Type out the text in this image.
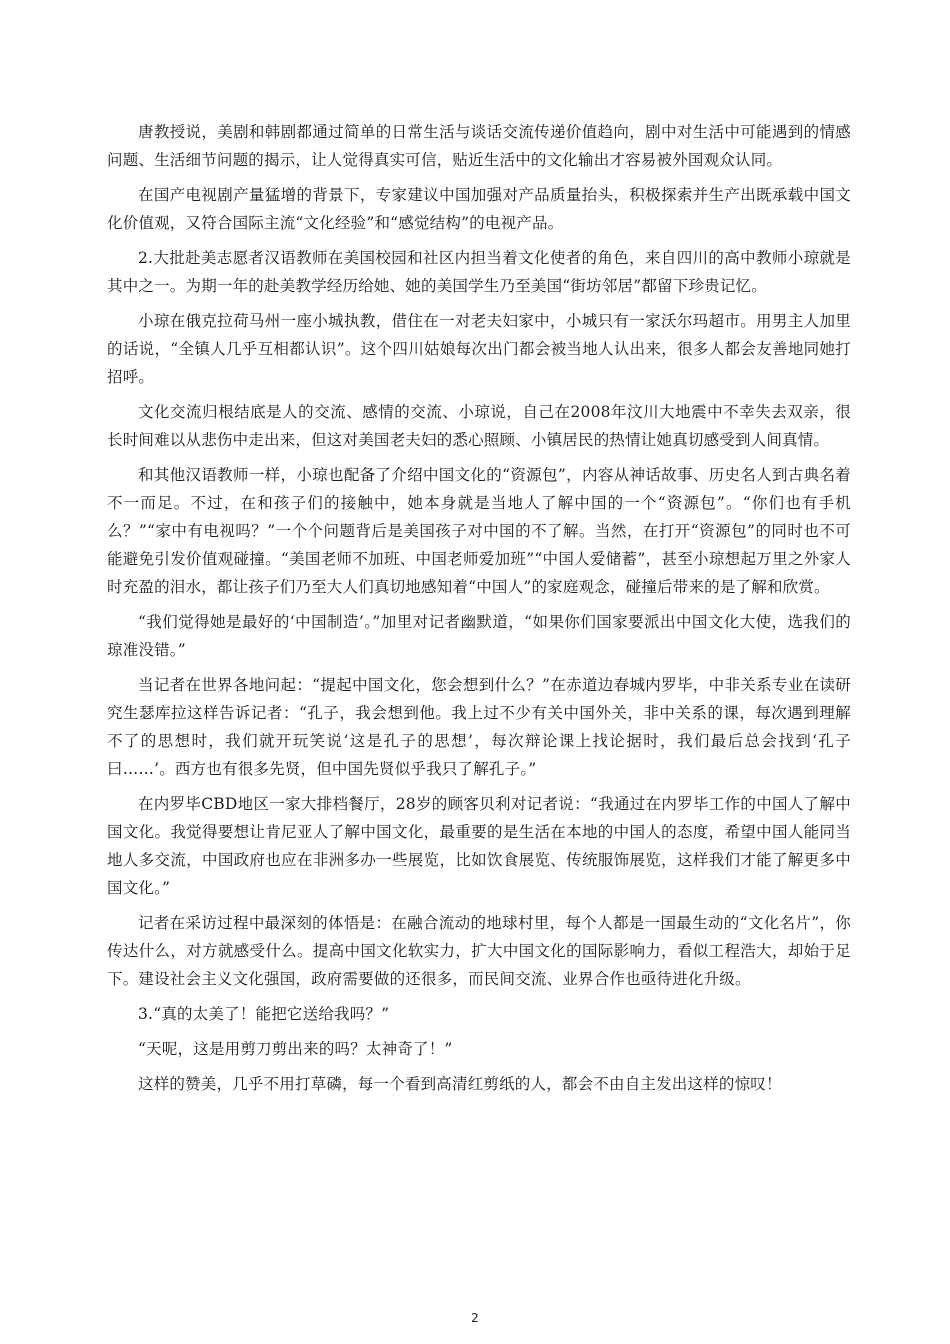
唐教授说，美剧和韩剧都通过简单的日常生活与谈话交流传递价值趋向，剧中对生活中可能遇到的情感问题、生活细节问题的揭示，让人觉得真实可信，贴近生活中的文化输出才容易被外国观众认同。

在国产电视剧产量猛增的背景下，专家建议中国加强对产品质量抬头，积极探索并生产出既承载中国文化价值观，又符合国际主流“文化经验”和“感觉结构”的电视产品。

2.大批赴美志愿者汉语教师在美国校园和社区内担当着文化使者的角色，来自四川的高中教师小琼就是其中之一。为期一年的赴美教学经历给她、她的美国学生乃至美国“街坊邻居”都留下珍贵记忆。

小琼在俄克拉荷马州一座小城执教，借住在一对老夫妇家中，小城只有一家沃尔玛超市。用男主人加里的话说，“全镇人几乎互相都认识”。这个四川姑娘每次出门都会被当地人认出来，很多人都会友善地同她打招呼。

文化交流归根结底是人的交流、感情的交流、小琼说，自己在2008年汶川大地震中不幸失去双亲，很长时间难以从悲伤中走出来，但这对美国老夫妇的悉心照顾、小镇居民的热情让她真切感受到人间真情。

和其他汉语教师一样，小琼也配备了介绍中国文化的“资源包”，内容从神话故事、历史名人到古典名着不一而足。不过，在和孩子们的接触中，她本身就是当地人了解中国的一个“资源包”。“你们也有手机么？”“家中有电视吗？”一个个问题背后是美国孩子对中国的不了解。当然，在打开“资源包”的同时也不可能避免引发价值观碰撞。“美国老师不加班、中国老师爱加班”“中国人爱储蓄”，甚至小琼想起万里之外家人时充盈的泪水，都让孩子们乃至大人们真切地感知着“中国人”的家庭观念，碰撞后带来的是了解和欣赏。

“我们觉得她是最好的‘中国制造’。”加里对记者幽默道，“如果你们国家要派出中国文化大使，选我们的琼准没错。”

当记者在世界各地问起：“提起中国文化，您会想到什么？”在赤道边春城内罗毕，中非关系专业在读研究生瑟库拉这样告诉记者：“孔子，我会想到他。我上过不少有关中国外关，非中关系的课，每次遇到理解不了的思想时，我们就开玩笑说‘这是孔子的思想’，每次辩论课上找论据时，我们最后总会找到‘孔子曰……’。西方也有很多先贤，但中国先贤似乎我只了解孔子。”

在内罗毕CBD地区一家大排档餐厅，28岁的顾客贝利对记者说：“我通过在内罗毕工作的中国人了解中国文化。我觉得要想让肯尼亚人了解中国文化，最重要的是生活在本地的中国人的态度，希望中国人能同当地人多交流，中国政府也应在非洲多办一些展览，比如饮食展览、传统服饰展览，这样我们才能了解更多中国文化。”

记者在采访过程中最深刻的体悟是：在融合流动的地球村里，每个人都是一国最生动的“文化名片”，你传达什么，对方就感受什么。提高中国文化软实力，扩大中国文化的国际影响力，看似工程浩大，却始于足下。建设社会主义文化强国，政府需要做的还很多，而民间交流、业界合作也亟待进化升级。

3.“真的太美了！能把它送给我吗？”

“天呢，这是用剪刀剪出来的吗？太神奇了！”

这样的赞美，几乎不用打草磷，每一个看到高清红剪纸的人，都会不由自主发出这样的惊叹！

2
